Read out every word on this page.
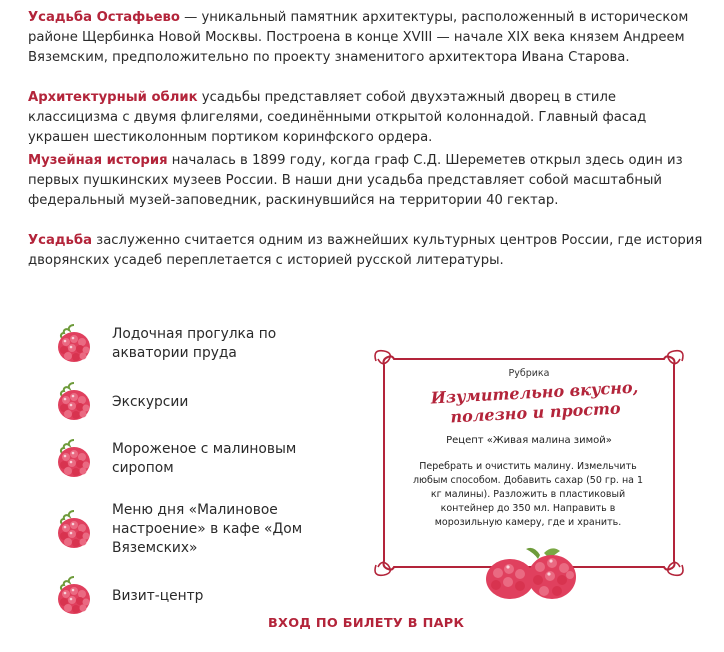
Усадьба Остафьево — уникальный памятник архитектуры, расположенный в историческом районе Щербинка Новой Москвы. Построена в конце XVIII — начале XIX века князем Андреем Вяземским, предположительно по проекту знаменитого архитектора Ивана Старова.

Архитектурный облик усадьбы представляет собой двухэтажный дворец в стиле классицизма с двумя флигелями, соединёнными открытой колоннадой. Главный фасад украшен шестиколонным портиком коринфского ордера.

Музейная история началась в 1899 году, когда граф С.Д. Шереметев открыл здесь один из первых пушкинских музеев России. В наши дни усадьба представляет собой масштабный федеральный музей-заповедник, раскинувшийся на территории 40 гектар.

Усадьба заслуженно считается одним из важнейших культурных центров России, где история дворянских усадеб переплетается с историей русской литературы.

Лодочная прогулка по акватории пруда
Экскурсии
Мороженое с малиновым сиропом
Меню дня «Малиновое настроение» в кафе «Дом Вяземских»
Визит-центр
Рубрика
Изумительно вкусно, полезно и просто
Рецепт «Живая малина зимой»

Перебрать и очистить малину. Измельчить любым способом. Добавить сахар (50 гр. на 1 кг малины). Разложить в пластиковый контейнер до 350 мл. Направить в морозильную камеру, где и хранить.

ВХОД ПО БИЛЕТУ В ПАРК
